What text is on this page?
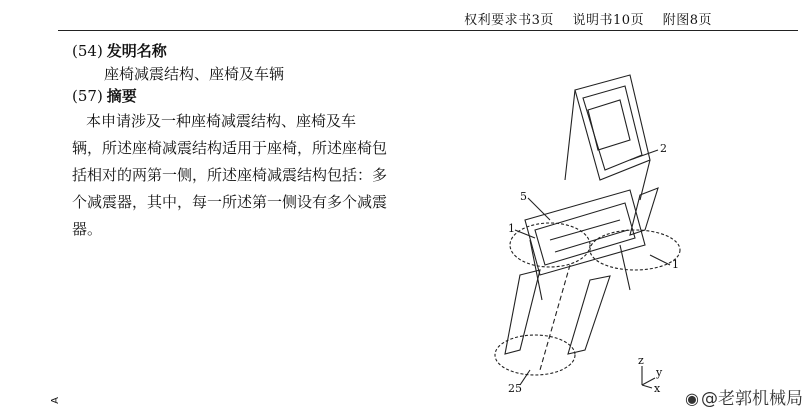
权利要求书3页 说明书10页 附图8页
(54) 发明名称
座椅减震结构、座椅及车辆
(57) 摘要
本申请涉及一种座椅减震结构、座椅及车
辆，所述座椅减震结构适用于座椅，所述座椅包
括相对的两第一侧，所述座椅减震结构包括：多
个减震器，其中，每一所述第一侧设有多个减震
器。
A
2
5
1
1
25
z
y
x
◉ @老郭机械局
